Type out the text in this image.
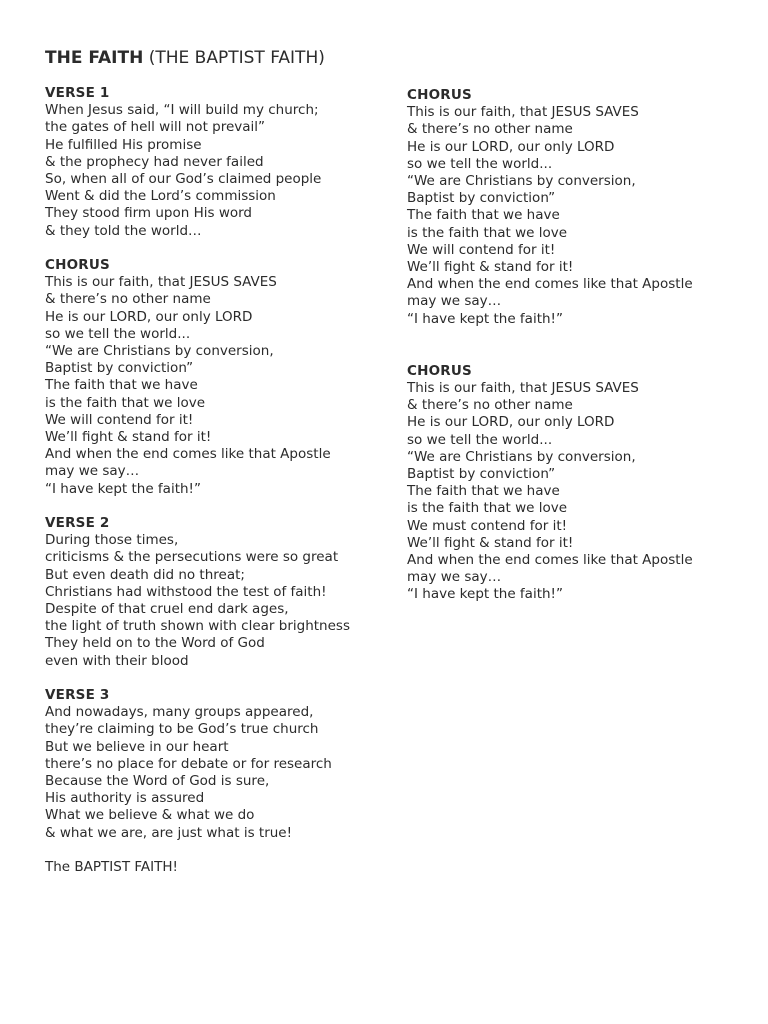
THE FAITH (THE BAPTIST FAITH)

VERSE 1

When Jesus said, “I will build my church;

the gates of hell will not prevail”

He fulfilled His promise

& the prophecy had never failed

So, when all of our God’s claimed people

Went & did the Lord’s commission

They stood firm upon His word

& they told the world…

CHORUS

This is our faith, that JESUS SAVES

& there’s no other name

He is our LORD, our only LORD

so we tell the world...

“We are Christians by conversion,

Baptist by conviction”

The faith that we have

is the faith that we love

We will contend for it!

We’ll fight & stand for it!

And when the end comes like that Apostle

may we say…

“I have kept the faith!”

VERSE 2

During those times,

criticisms & the persecutions were so great

But even death did no threat;

Christians had withstood the test of faith!

Despite of that cruel end dark ages,

the light of truth shown with clear brightness

They held on to the Word of God

even with their blood

VERSE 3

And nowadays, many groups appeared,

they’re claiming to be God’s true church

But we believe in our heart

there’s no place for debate or for research

Because the Word of God is sure,

His authority is assured

What we believe & what we do

& what we are, are just what is true!

The BAPTIST FAITH!

CHORUS

This is our faith, that JESUS SAVES

& there’s no other name

He is our LORD, our only LORD

so we tell the world...

“We are Christians by conversion,

Baptist by conviction”

The faith that we have

is the faith that we love

We will contend for it!

We’ll fight & stand for it!

And when the end comes like that Apostle

may we say…

“I have kept the faith!”

CHORUS

This is our faith, that JESUS SAVES

& there’s no other name

He is our LORD, our only LORD

so we tell the world...

“We are Christians by conversion,

Baptist by conviction”

The faith that we have

is the faith that we love

We must contend for it!

We’ll fight & stand for it!

And when the end comes like that Apostle

may we say…

“I have kept the faith!”
